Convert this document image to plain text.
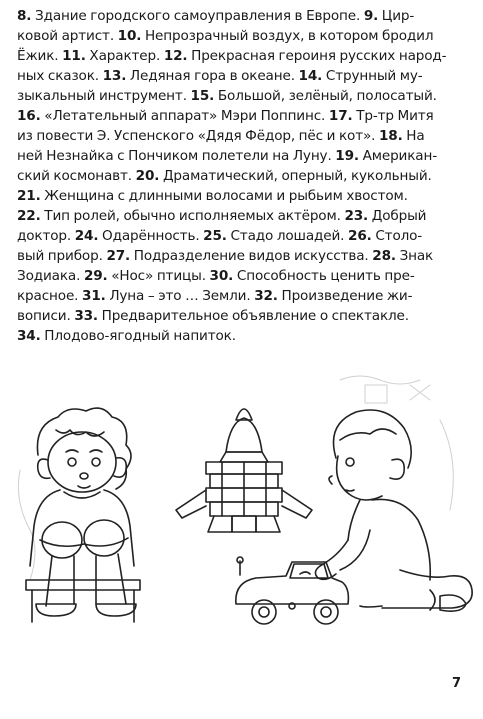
8. Здание городского самоуправления в Европе. 9. Цир-
ковой артист. 10. Непрозрачный воздух, в котором бродил
Ёжик. 11. Характер. 12. Прекрасная героиня русских народ-
ных сказок. 13. Ледяная гора в океане. 14. Струнный му-
зыкальный инструмент. 15. Большой, зелёный, полосатый.
16. «Летательный аппарат» Мэри Поппинс. 17. Тр-тр Митя
из повести Э. Успенского «Дядя Фёдор, пёс и кот». 18. На
ней Незнайка с Пончиком полетели на Луну. 19. Американ-
ский космонавт. 20. Драматический, оперный, кукольный.
21. Женщина с длинными волосами и рыбьим хвостом.
22. Тип ролей, обычно исполняемых актёром. 23. Добрый
доктор. 24. Одарённость. 25. Стадо лошадей. 26. Столо-
вый прибор. 27. Подразделение видов искусства. 28. Знак
Зодиака. 29. «Нос» птицы. 30. Способность ценить пре-
красное. 31. Луна – это … Земли. 32. Произведение жи-
вописи. 33. Предварительное объявление о спектакле.
34. Плодово-ягодный напиток.
7
